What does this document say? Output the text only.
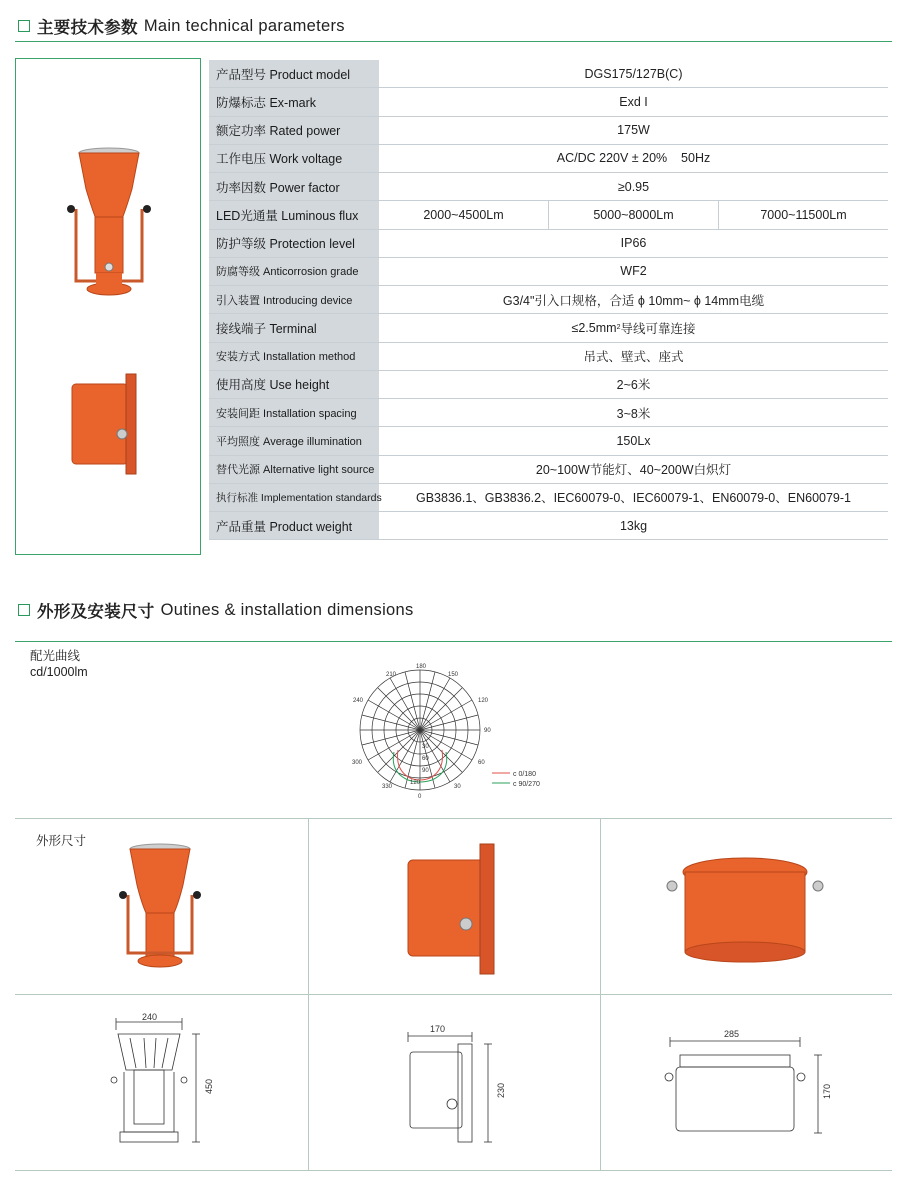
主要技术参数 Main technical parameters
产品型号 Product model	DGS175/127B(C)
防爆标志 Ex-mark	Exd I
额定功率 Rated power	175W
工作电压 Work voltage	AC/DC 220V ± 20%    50Hz
功率因数 Power factor	≥0.95
LED光通量 Luminous flux	2000~4500Lm	5000~8000Lm	7000~11500Lm
防护等级 Protection level	IP66
防腐等级 Anticorrosion grade	WF2
引入装置 Introducing device	G3/4"引入口规格，合适 ϕ 10mm~ ϕ 14mm电缆
接线端子 Terminal	≤2.5mm 2 导线可靠连接
安装方式 Installation method	吊式、壁式、座式
使用高度 Use height	2~6米
安装间距 Installation spacing	3~8米
平均照度 Average illumination	150Lx
替代光源 Alternative light source	20~100W节能灯、40~200W白炽灯
执行标准 Implementation standards	GB3836.1、GB3836.2、IEC60079-0、IEC60079-1、EN60079-0、EN60079-1
产品重量 Product weight	13kg
外形及安装尺寸 Outines & installation dimensions
配光曲线
cd/1000lm	210
180
150
240	120
90
300	60
330	30
0
30
60
90
120
c 0/180
c 90/270
外形尺寸
240
450
170
230
285
170
